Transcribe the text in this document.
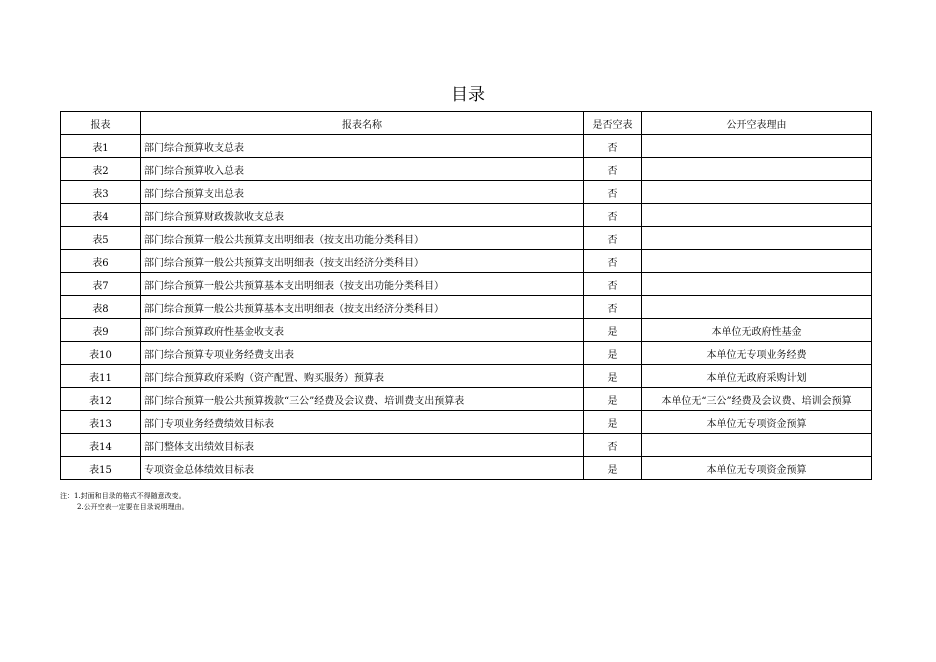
目录
报表	报表名称	是否空表	公开空表理由
表1	部门综合预算收支总表	否	
表2	部门综合预算收入总表	否	
表3	部门综合预算支出总表	否	
表4	部门综合预算财政拨款收支总表	否	
表5	部门综合预算一般公共预算支出明细表（按支出功能分类科目）	否	
表6	部门综合预算一般公共预算支出明细表（按支出经济分类科目）	否	
表7	部门综合预算一般公共预算基本支出明细表（按支出功能分类科目）	否	
表8	部门综合预算一般公共预算基本支出明细表（按支出经济分类科目）	否	
表9	部门综合预算政府性基金收支表	是	本单位无政府性基金
表10	部门综合预算专项业务经费支出表	是	本单位无专项业务经费
表11	部门综合预算政府采购（资产配置、购买服务）预算表	是	本单位无政府采购计划
表12	部门综合预算一般公共预算拨款“三公”经费及会议费、培训费支出预算表	是	本单位无“三公”经费及会议费、培训会预算
表13	部门专项业务经费绩效目标表	是	本单位无专项资金预算
表14	部门整体支出绩效目标表	否	
表15	专项资金总体绩效目标表	是	本单位无专项资金预算
注：1.封面和目录的格式不得随意改变。
2.公开空表一定要在目录说明理由。
